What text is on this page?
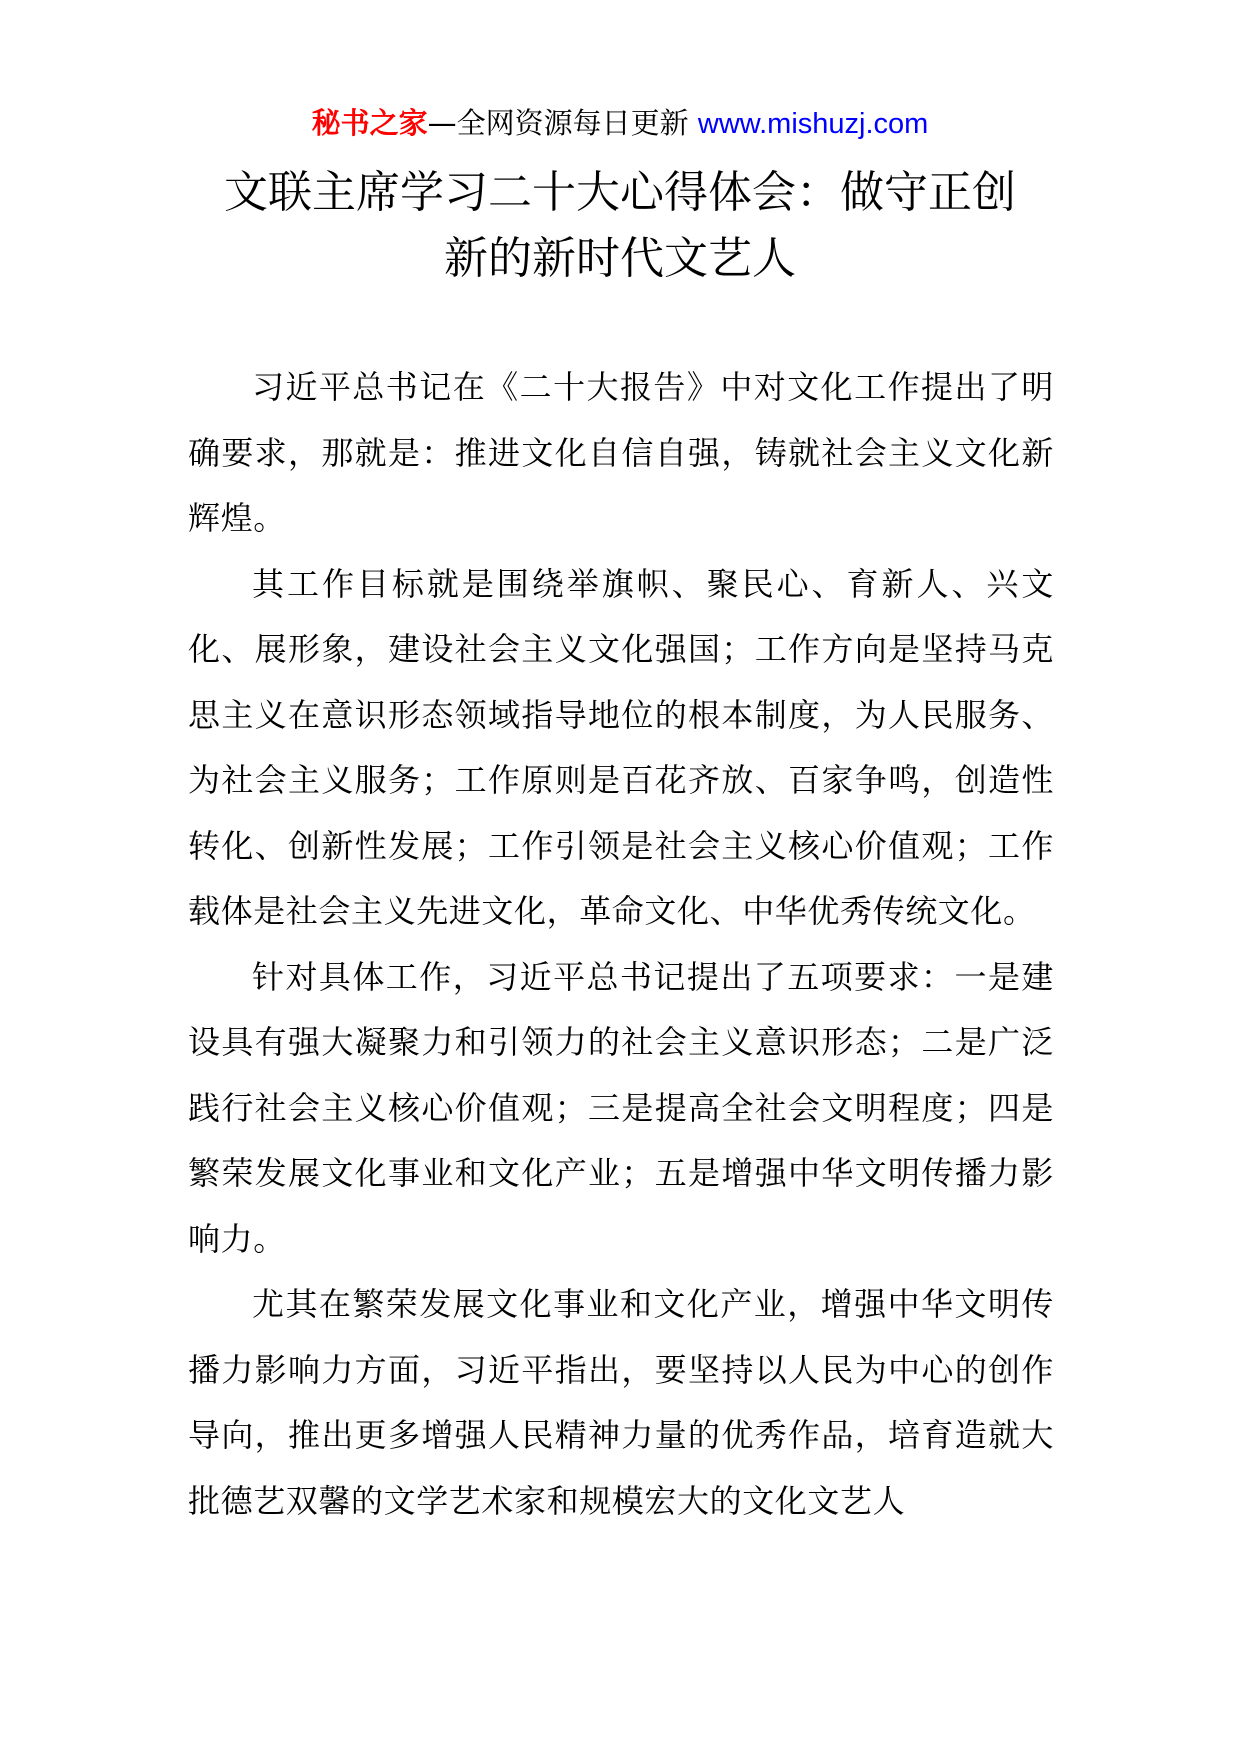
秘书之家—全网资源每日更新 www.mishuzj.com
文联主席学习二十大心得体会：做守正创
新的新时代文艺人

习近平总书记在《二十大报告》中对文化工作提出了明确要求，那就是：推进文化自信自强，铸就社会主义文化新辉煌。

其工作目标就是围绕举旗帜、聚民心、育新人、兴文化、展形象，建设社会主义文化强国；工作方向是坚持马克思主义在意识形态领域指导地位的根本制度，为人民服务、为社会主义服务；工作原则是百花齐放、百家争鸣，创造性转化、创新性发展；工作引领是社会主义核心价值观；工作载体是社会主义先进文化，革命文化、中华优秀传统文化。

针对具体工作，习近平总书记提出了五项要求：一是建设具有强大凝聚力和引领力的社会主义意识形态；二是广泛践行社会主义核心价值观；三是提高全社会文明程度；四是繁荣发展文化事业和文化产业；五是增强中华文明传播力影响力。

尤其在繁荣发展文化事业和文化产业，增强中华文明传播力影响力方面，习近平指出，要坚持以人民为中心的创作导向，推出更多增强人民精神力量的优秀作品，培育造就大批德艺双馨的文学艺术家和规模宏大的文化文艺人
